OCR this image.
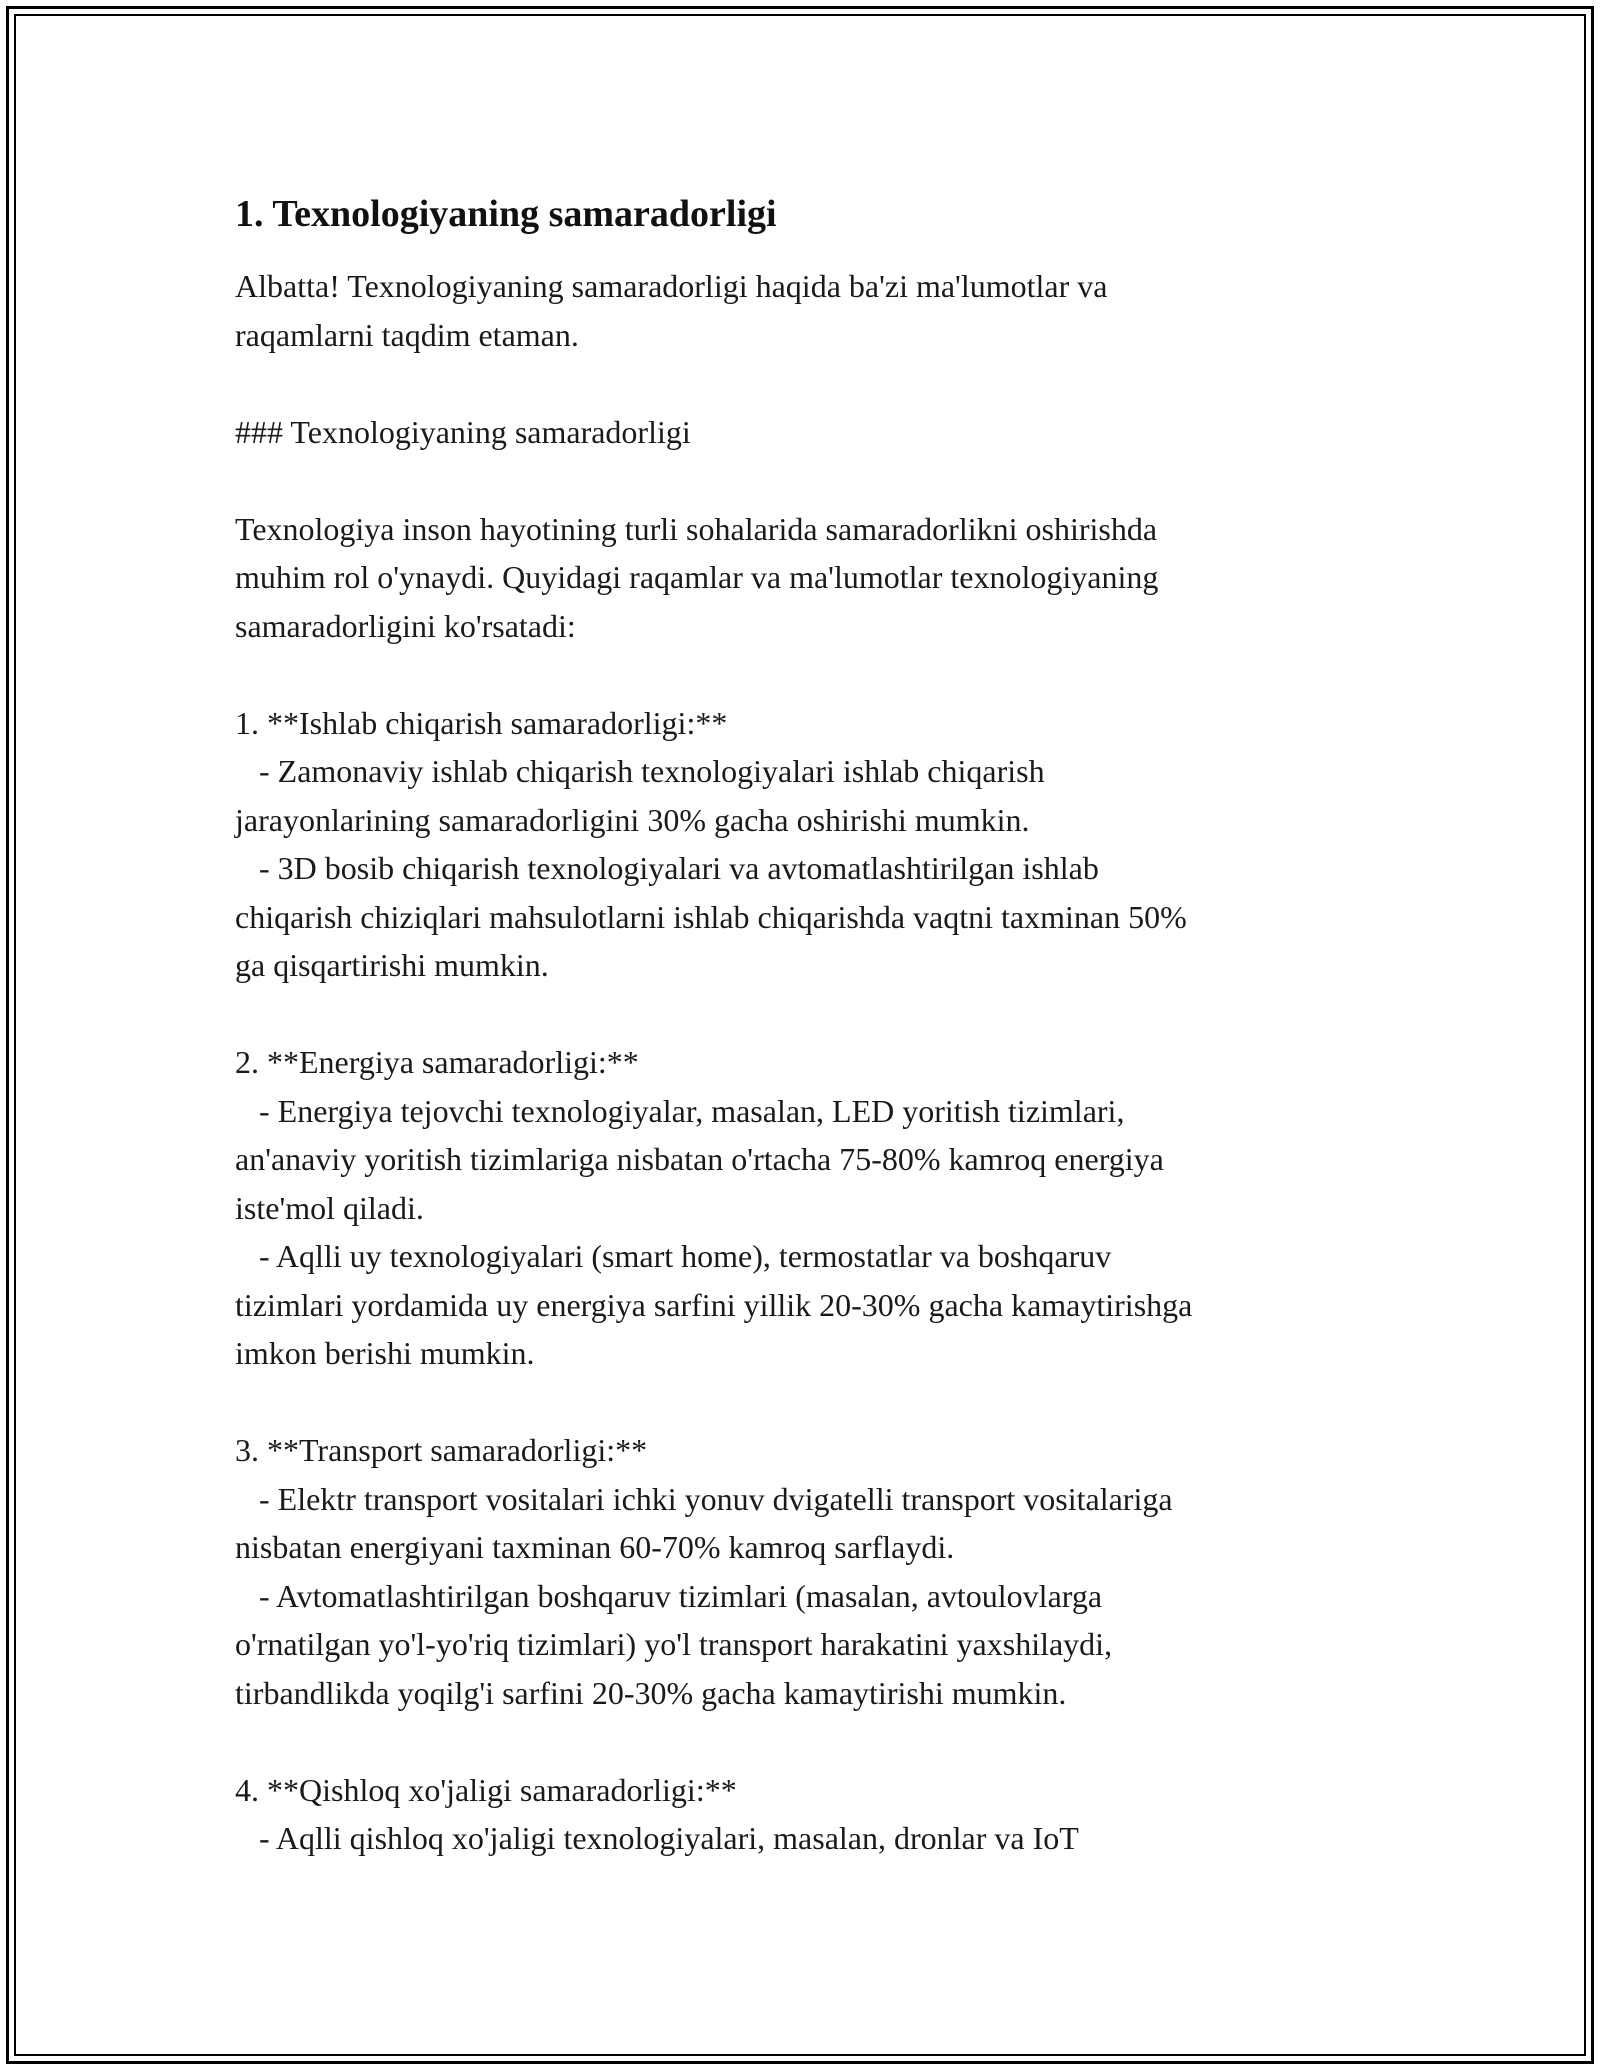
1. Texnologiyaning samaradorligi
Albatta! Texnologiyaning samaradorligi haqida ba'zi ma'lumotlar va
raqamlarni taqdim etaman.
### Texnologiyaning samaradorligi
Texnologiya inson hayotining turli sohalarida samaradorlikni oshirishda
muhim rol o'ynaydi. Quyidagi raqamlar va ma'lumotlar texnologiyaning
samaradorligini ko'rsatadi:
1. **Ishlab chiqarish samaradorligi:**
- Zamonaviy ishlab chiqarish texnologiyalari ishlab chiqarish
jarayonlarining samaradorligini 30% gacha oshirishi mumkin.
- 3D bosib chiqarish texnologiyalari va avtomatlashtirilgan ishlab
chiqarish chiziqlari mahsulotlarni ishlab chiqarishda vaqtni taxminan 50%
ga qisqartirishi mumkin.
2. **Energiya samaradorligi:**
- Energiya tejovchi texnologiyalar, masalan, LED yoritish tizimlari,
an'anaviy yoritish tizimlariga nisbatan o'rtacha 75-80% kamroq energiya
iste'mol qiladi.
- Aqlli uy texnologiyalari (smart home), termostatlar va boshqaruv
tizimlari yordamida uy energiya sarfini yillik 20-30% gacha kamaytirishga
imkon berishi mumkin.
3. **Transport samaradorligi:**
- Elektr transport vositalari ichki yonuv dvigatelli transport vositalariga
nisbatan energiyani taxminan 60-70% kamroq sarflaydi.
- Avtomatlashtirilgan boshqaruv tizimlari (masalan, avtoulovlarga
o'rnatilgan yo'l-yo'riq tizimlari) yo'l transport harakatini yaxshilaydi,
tirbandlikda yoqilg'i sarfini 20-30% gacha kamaytirishi mumkin.
4. **Qishloq xo'jaligi samaradorligi:**
- Aqlli qishloq xo'jaligi texnologiyalari, masalan, dronlar va IoT
